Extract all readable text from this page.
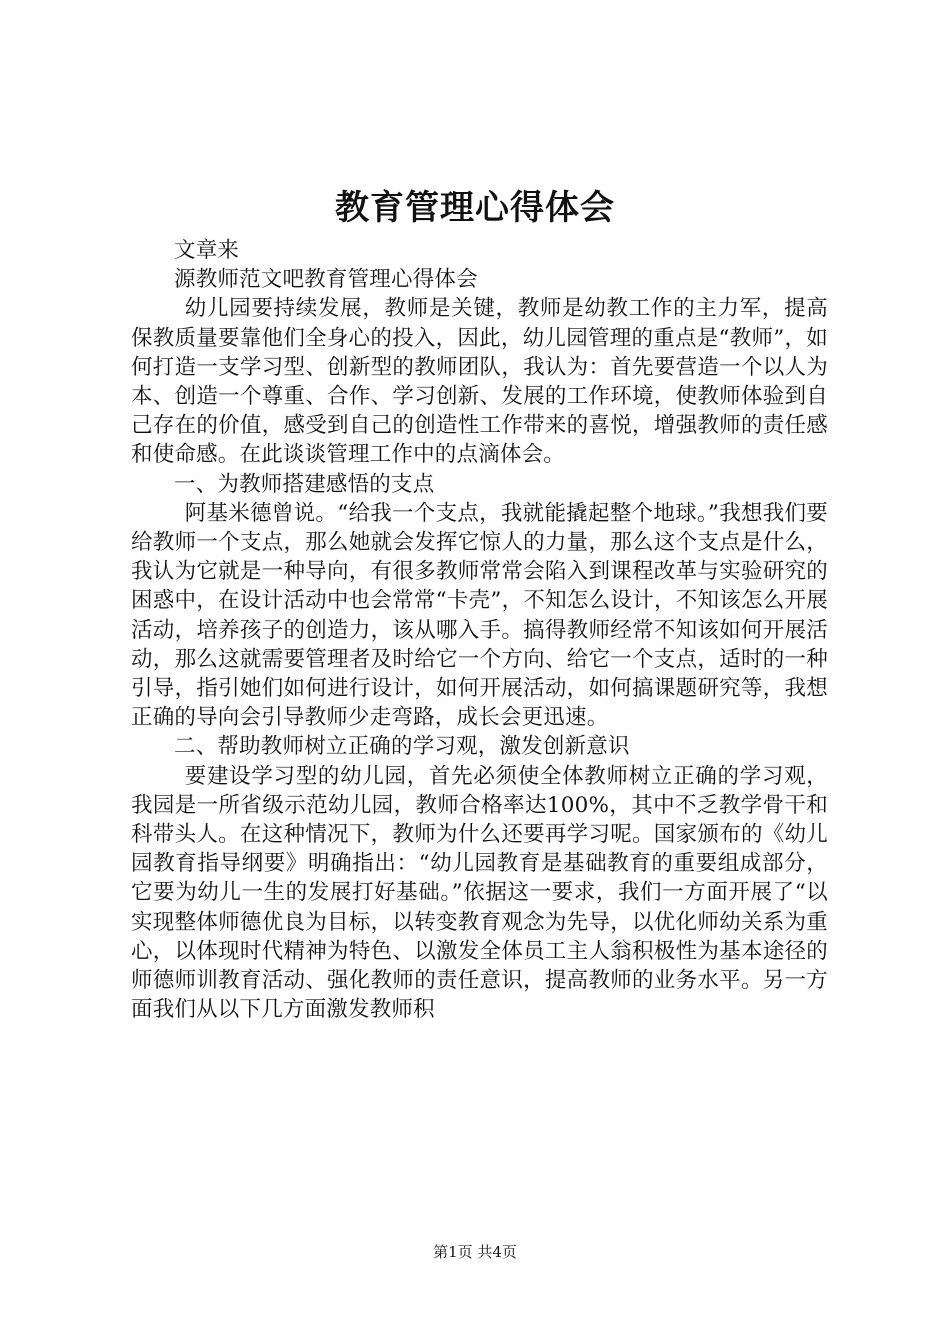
教育管理心得体会

文章来

源教师范文吧教育管理心得体会

幼儿园要持续发展，教师是关键，教师是幼教工作的主力军，提高保教质量要靠他们全身心的投入，因此，幼儿园管理的重点是“教师”，如何打造一支学习型、创新型的教师团队，我认为：首先要营造一个以人为本、创造一个尊重、合作、学习创新、发展的工作环境，使教师体验到自己存在的价值，感受到自己的创造性工作带来的喜悦，增强教师的责任感和使命感。在此谈谈管理工作中的点滴体会。

一、为教师搭建感悟的支点

阿基米德曾说。“给我一个支点，我就能撬起整个地球。”我想我们要给教师一个支点，那么她就会发挥它惊人的力量，那么这个支点是什么，我认为它就是一种导向，有很多教师常常会陷入到课程改革与实验研究的困惑中，在设计活动中也会常常“卡壳”，不知怎么设计，不知该怎么开展活动，培养孩子的创造力，该从哪入手。搞得教师经常不知该如何开展活动，那么这就需要管理者及时给它一个方向、给它一个支点，适时的一种引导，指引她们如何进行设计，如何开展活动，如何搞课题研究等，我想正确的导向会引导教师少走弯路，成长会更迅速。

二、帮助教师树立正确的学习观，激发创新意识

要建设学习型的幼儿园，首先必须使全体教师树立正确的学习观，我园是一所省级示范幼儿园，教师合格率达100%，其中不乏教学骨干和科带头人。在这种情况下，教师为什么还要再学习呢。国家颁布的《幼儿园教育指导纲要》明确指出：“幼儿园教育是基础教育的重要组成部分，它要为幼儿一生的发展打好基础。”依据这一要求，我们一方面开展了“以实现整体师德优良为目标，以转变教育观念为先导，以优化师幼关系为重心，以体现时代精神为特色、以激发全体员工主人翁积极性为基本途径的师德师训教育活动、强化教师的责任意识，提高教师的业务水平。另一方面我们从以下几方面激发教师积

第1页 共4页
